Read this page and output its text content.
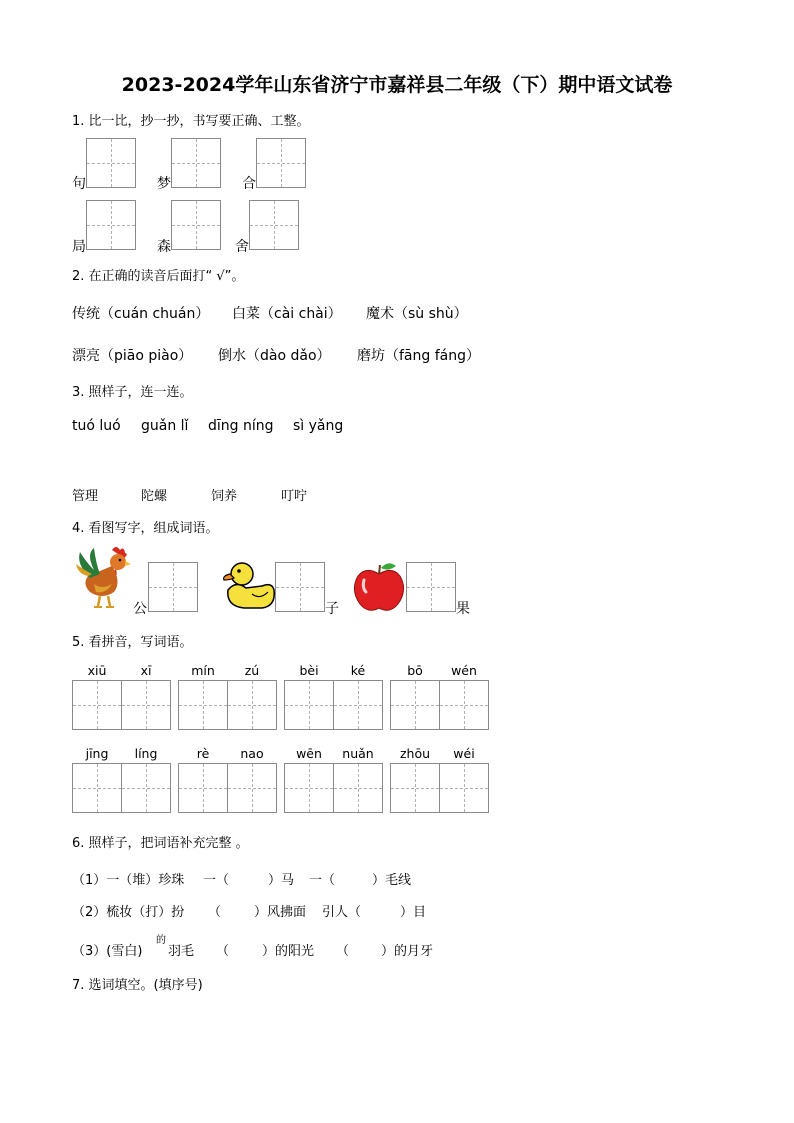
2023-2024学年山东省济宁市嘉祥县二年级（下）期中语文试卷
1. 比一比，抄一抄，书写要正确、工整。
句	梦	合
局	森	舍
2. 在正确的读音后面打“ √”。
传统（cuán chuán） 白菜（cài chài） 魔术（sù shù）
漂亮（piāo piào） 倒水（dào dǎo） 磨坊（fāng fáng）
3. 照样子，连一连。
tuó luó guǎn lǐ dīng níng sì yǎng
管理	陀螺	饲养	叮咛
4. 看图写字，组成词语。
公	子	果
5. 看拼音，写词语。
xiū	xī	mín	zú	bèi	ké	bō	wén
jīng	líng	rè	nao	wēn	nuǎn	zhōu	wéi
6. 照样子，把词语补充完整 。
（1）一（堆）珍珠 一（	）马 一（	）毛线
（2）梳妆（打）扮 （	）风拂面 引人（	）目
（3）(雪白)
的
羽毛 （	）的阳光 （ ）的月牙
7. 选词填空。(填序号)
